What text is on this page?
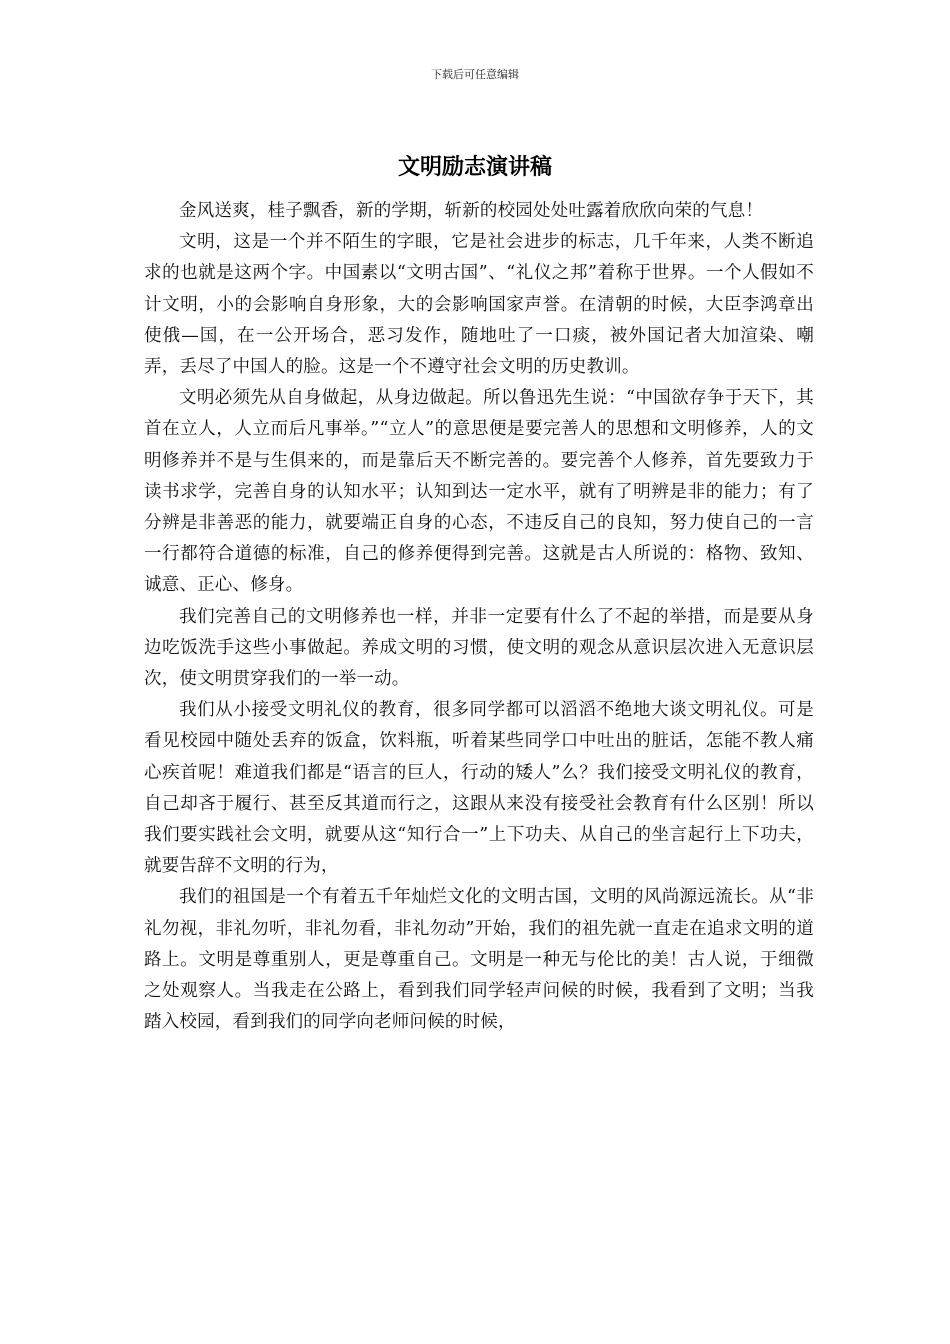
下载后可任意编辑
文明励志演讲稿

金风送爽，桂子飘香，新的学期，斩新的校园处处吐露着欣欣向荣的气息！

文明，这是一个并不陌生的字眼，它是社会进步的标志，几千年来，人类不断追求的也就是这两个字。中国素以“文明古国”、“礼仪之邦”着称于世界。一个人假如不计文明，小的会影响自身形象，大的会影响国家声誉。在清朝的时候，大臣李鸿章出使俄—国，在一公开场合，恶习发作，随地吐了一口痰，被外国记者大加渲染、嘲弄，丢尽了中国人的脸。这是一个不遵守社会文明的历史教训。

文明必须先从自身做起，从身边做起。所以鲁迅先生说：“中国欲存争于天下，其首在立人，人立而后凡事举。”“立人”的意思便是要完善人的思想和文明修养，人的文明修养并不是与生俱来的，而是靠后天不断完善的。要完善个人修养，首先要致力于读书求学，完善自身的认知水平；认知到达一定水平，就有了明辨是非的能力；有了分辨是非善恶的能力，就要端正自身的心态，不违反自己的良知，努力使自己的一言一行都符合道德的标准，自己的修养便得到完善。这就是古人所说的：格物、致知、诚意、正心、修身。

我们完善自己的文明修养也一样，并非一定要有什么了不起的举措，而是要从身边吃饭洗手这些小事做起。养成文明的习惯，使文明的观念从意识层次进入无意识层次，使文明贯穿我们的一举一动。

我们从小接受文明礼仪的教育，很多同学都可以滔滔不绝地大谈文明礼仪。可是看见校园中随处丢弃的饭盒，饮料瓶，听着某些同学口中吐出的脏话，怎能不教人痛心疾首呢！难道我们都是“语言的巨人，行动的矮人”么？我们接受文明礼仪的教育，自己却吝于履行、甚至反其道而行之，这跟从来没有接受社会教育有什么区别！所以我们要实践社会文明，就要从这“知行合一”上下功夫、从自己的坐言起行上下功夫，就要告辞不文明的行为，

我们的祖国是一个有着五千年灿烂文化的文明古国，文明的风尚源远流长。从“非礼勿视，非礼勿听，非礼勿看，非礼勿动”开始，我们的祖先就一直走在追求文明的道路上。文明是尊重别人，更是尊重自己。文明是一种无与伦比的美！古人说，于细微之处观察人。当我走在公路上，看到我们同学轻声问候的时候，我看到了文明；当我踏入校园，看到我们的同学向老师问候的时候，
